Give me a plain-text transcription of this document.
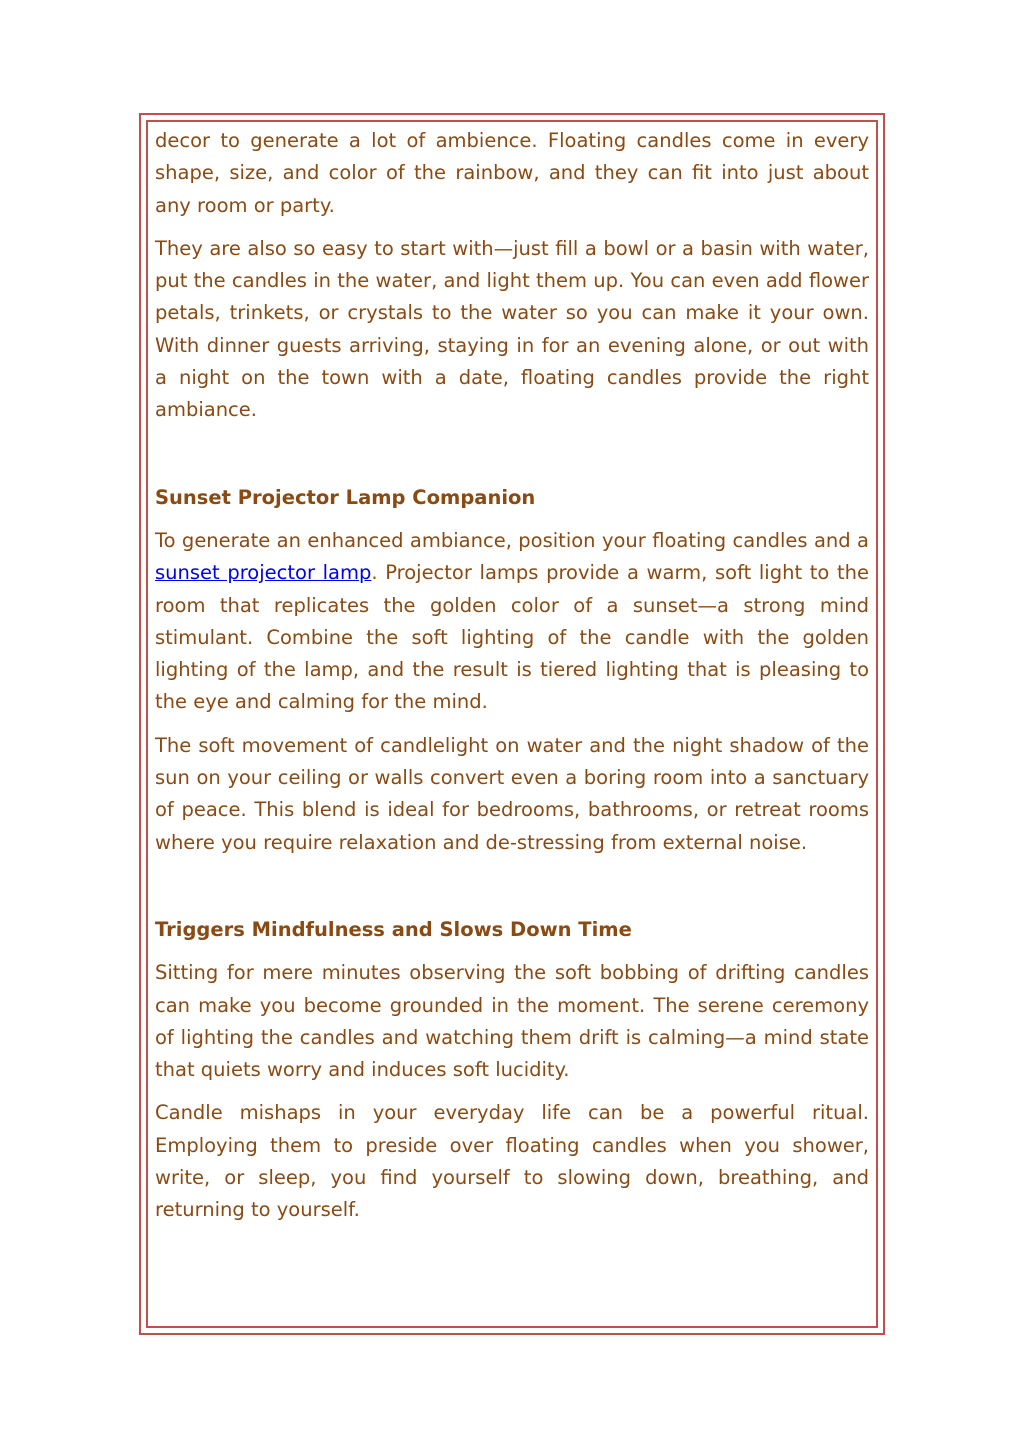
decor to generate a lot of ambience. Floating candles come in every shape, size, and color of the rainbow, and they can fit into just about any room or party.

They are also so easy to start with—just fill a bowl or a basin with water, put the candles in the water, and light them up. You can even add flower petals, trinkets, or crystals to the water so you can make it your own. With dinner guests arriving, staying in for an evening alone, or out with a night on the town with a date, floating candles provide the right ambiance.

Sunset Projector Lamp Companion

To generate an enhanced ambiance, position your floating candles and a sunset projector lamp. Projector lamps provide a warm, soft light to the room that replicates the golden color of a sunset—a strong mind stimulant. Combine the soft lighting of the candle with the golden lighting of the lamp, and the result is tiered lighting that is pleasing to the eye and calming for the mind.

The soft movement of candlelight on water and the night shadow of the sun on your ceiling or walls convert even a boring room into a sanctuary of peace. This blend is ideal for bedrooms, bathrooms, or retreat rooms where you require relaxation and de-stressing from external noise.

Triggers Mindfulness and Slows Down Time

Sitting for mere minutes observing the soft bobbing of drifting candles can make you become grounded in the moment. The serene ceremony of lighting the candles and watching them drift is calming—a mind state that quiets worry and induces soft lucidity.

Candle mishaps in your everyday life can be a powerful ritual. Employing them to preside over floating candles when you shower, write, or sleep, you find yourself to slowing down, breathing, and returning to yourself.
